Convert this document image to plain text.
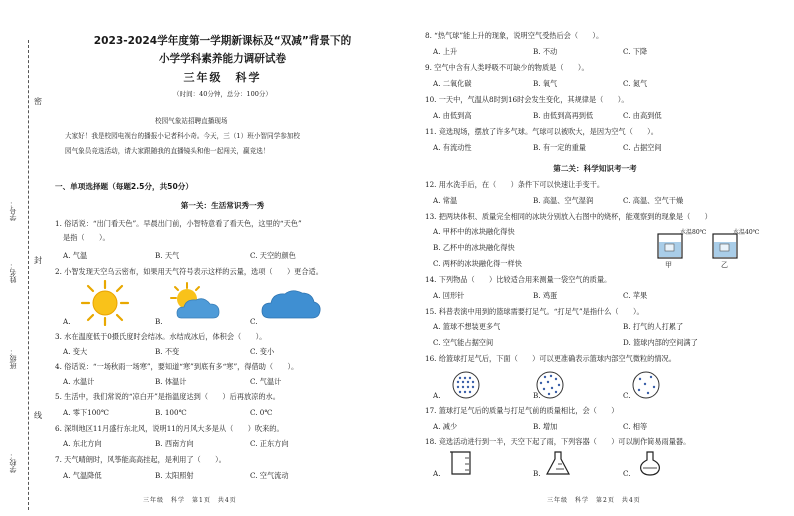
密
封
线
学号：
姓名：
班级：
学校：
2023-2024学年度第一学期新课标及“双减”背景下的
小学学科素养能力调研试卷
三年级　科学
（时间：40分钟，总分：100分）
校园气象站招聘直播现场
大家好！我是校园电视台的播报小记者科小奇。今天，三（1）班小智同学参加校
园气象员竞选活动，请大家跟随我的直播镜头和他一起闯关，赢竞选！
一、单项选择题（每题2.5分，共50分）
第一关：生活常识秀一秀
1. 俗话说：“出门看天色”。早晨出门前，小智特意看了看天色，这里的“天色”
是指（　　）。
A. 气温	B. 天气	C. 天空的颜色
2. 小智发现天空乌云密布，如果用天气符号表示这样的云量，选项（　　）更合适。
A.	B.	C.
3. 水在温度低于0摄氏度时会结冰。水结成冰后，体积会（　　）。
A. 变大	B. 不变	C. 变小
4. 俗话说：“一场秋雨一场寒”，要知道“寒”到底有多“寒”，得借助（　　）。
A. 水温计	B. 体温计	C. 气温计
5. 生活中，我们常说的“凉白开”是指温度达到（　　）后再放凉的水。
A. 零下100℃	B. 100℃	C. 0℃
6. 深圳地区11月盛行东北风，说明11的月风大多是从（　　）吹来的。
A. 东北方向	B. 西南方向	C. 正东方向
7. 天气晴朗时，风筝能高高挂起，是利用了（　　）。
A. 气温降低	B. 太阳照射	C. 空气流动
三年级　科学　第1页　共4页
8. “热气球”能上升的现象，说明空气受热后会（　　）。
A. 上升	B. 不动	C. 下降
9. 空气中含有人类呼吸不可缺少的物质是（　　）。
A. 二氧化碳	B. 氧气	C. 氮气
10. 一天中，气温从8时到16时会发生变化，其规律是（　　）。
A. 由低到高	B. 由低到高再到低	C. 由高到低
11. 竞选现场，摆放了许多气球。气球可以被吹大，是因为空气（　　）。
A. 有流动性	B. 有一定的重量	C. 占据空间
第二关：科学知识考一考
12. 用水洗手后，在（　　）条件下可以快速让手变干。
A. 常温	B. 高温、空气湿润	C. 高温、空气干燥
13. 把两块体积、质量完全相同的冰块分别放入右图中的烧杯，能观察到的现象是（　　）
A. 甲杯中的冰块融化得快
B. 乙杯中的冰块融化得快
C. 两杯的冰块融化得一样快
水温80℃
甲
水温40℃
乙
14. 下列物品（　　）比较适合用来测量一袋空气的质量。
A. 回形针	B. 鸡蛋	C. 苹果
15. 科普表演中用到的篮球需要打足气。“打足气”是指什么（　　）。
A. 篮球不想装更多气	B. 打气的人打累了
C. 空气能占据空间	D. 篮球内部的空间满了
16. 给篮球打足气后，下面（　　）可以更准确表示篮球内部空气微粒的情况。
A.	B.	C.
17. 篮球打足气后的质量与打足气前的质量相比，会（　　）
A. 减少	B. 增加	C. 相等
18. 竞选活动进行到一半，天空下起了雨，下列容器（　　）可以制作简易雨量器。
A.	B.	C.
三年级　科学　第2页　共4页
